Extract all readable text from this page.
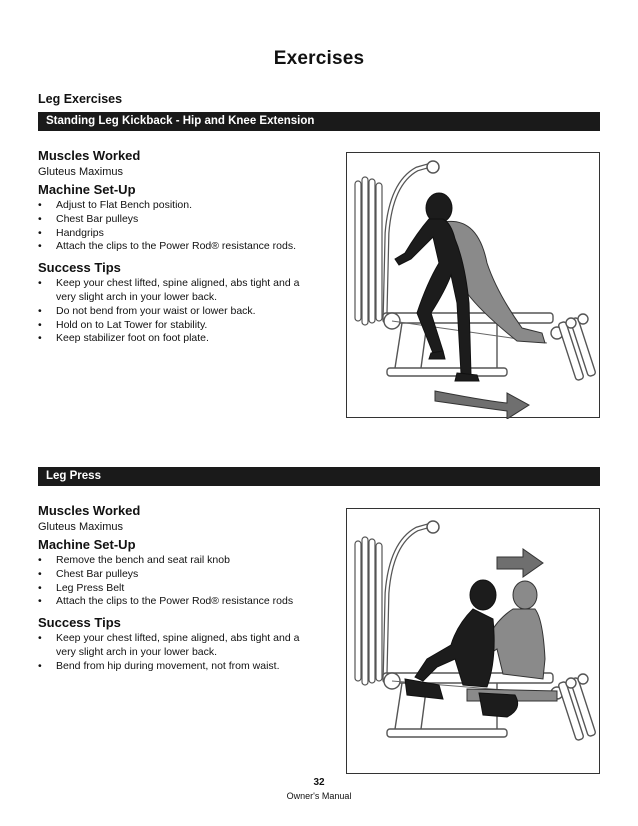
Exercises
Leg Exercises
Standing Leg Kickback - Hip and Knee Extension
Muscles Worked
Gluteus Maximus
Machine Set-Up
• Adjust to Flat Bench position.
• Chest Bar pulleys
• Handgrips
• Attach the clips to the Power Rod® resistance rods.
Success Tips
• Keep your chest lifted, spine aligned, abs tight and a very slight arch in your lower back.
• Do not bend from your waist or lower back.
• Hold on to Lat Tower for stability.
• Keep stabilizer foot on foot plate.
Leg Press
Muscles Worked
Gluteus Maximus
Machine Set-Up
• Remove the bench and seat rail knob
• Chest Bar pulleys
• Leg Press Belt
• Attach the clips to the Power Rod® resistance rods
Success Tips
• Keep your chest lifted, spine aligned, abs tight and a very slight arch in your lower back.
• Bend from hip during movement, not from waist.
32
Owner's Manual
